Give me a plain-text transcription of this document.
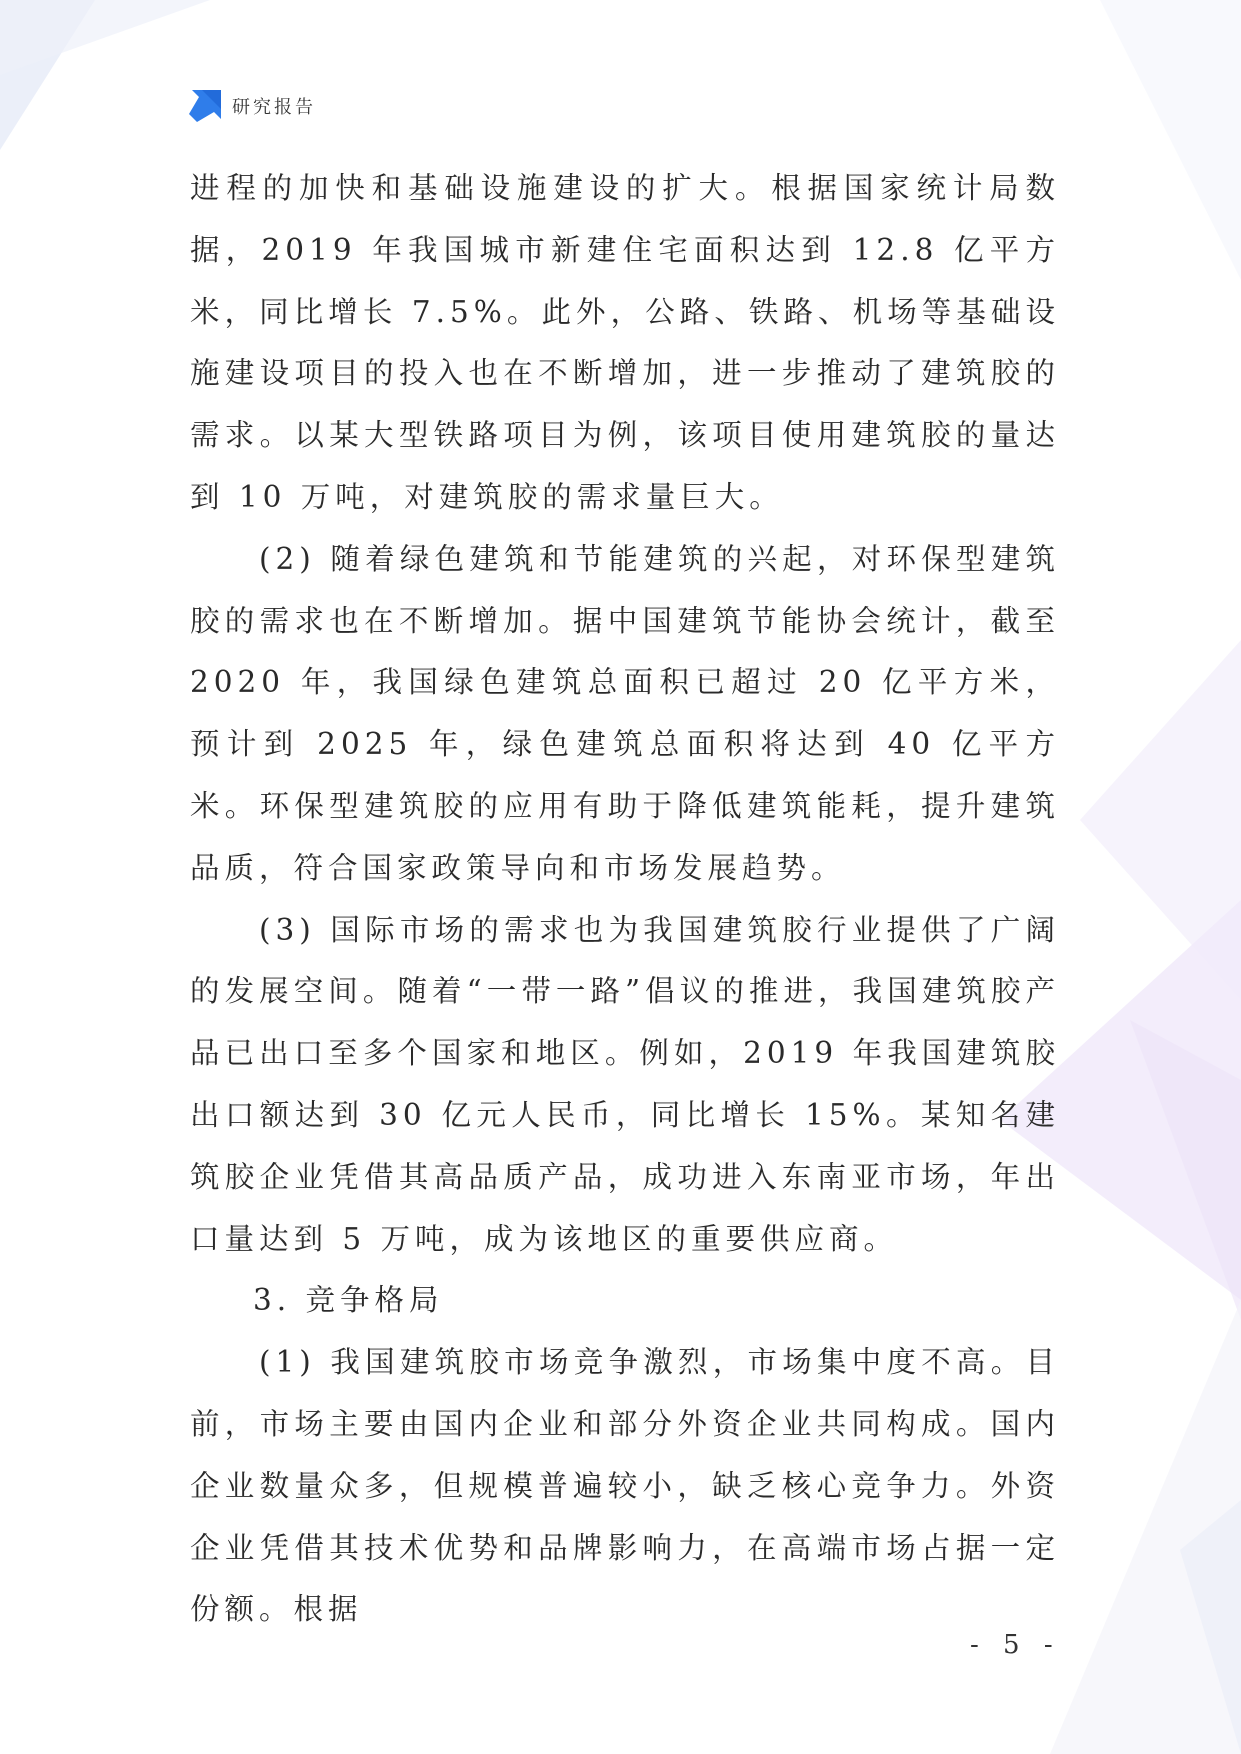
研究报告

进程的加快和基础设施建设的扩大。根据国家统计局数据，2019 年我国城市新建住宅面积达到 12.8 亿平方米，同比增长 7.5%。此外，公路、铁路、机场等基础设施建设项目的投入也在不断增加，进一步推动了建筑胶的需求。以某大型铁路项目为例，该项目使用建筑胶的量达到 10 万吨，对建筑胶的需求量巨大。

(2) 随着绿色建筑和节能建筑的兴起，对环保型建筑胶的需求也在不断增加。据中国建筑节能协会统计，截至 2020 年，我国绿色建筑总面积已超过 20 亿平方米，预计到 2025 年，绿色建筑总面积将达到 40 亿平方米。环保型建筑胶的应用有助于降低建筑能耗，提升建筑品质，符合国家政策导向和市场发展趋势。

(3) 国际市场的需求也为我国建筑胶行业提供了广阔的发展空间。随着“一带一路”倡议的推进，我国建筑胶产品已出口至多个国家和地区。例如，2019 年我国建筑胶出口额达到 30 亿元人民币，同比增长 15%。某知名建筑胶企业凭借其高品质产品，成功进入东南亚市场，年出口量达到 5 万吨，成为该地区的重要供应商。

3. 竞争格局

(1) 我国建筑胶市场竞争激烈，市场集中度不高。目前，市场主要由国内企业和部分外资企业共同构成。国内企业数量众多，但规模普遍较小，缺乏核心竞争力。外资企业凭借其技术优势和品牌影响力，在高端市场占据一定份额。根据

- 5 -
